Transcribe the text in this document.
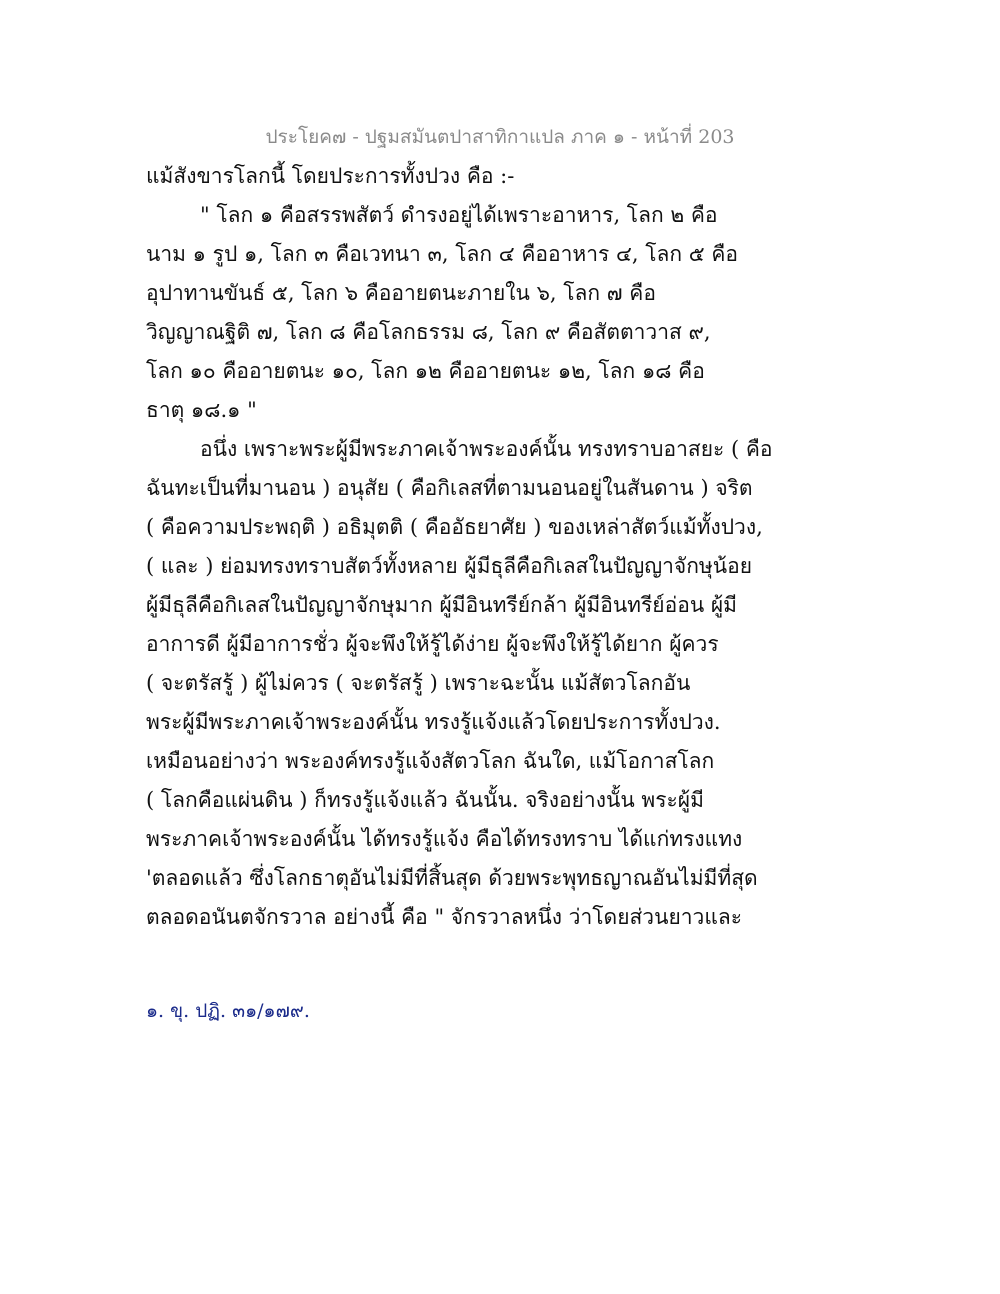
ประโยค๗ - ปฐมสมันตปาสาทิกาแปล ภาค ๑ - หน้าที่ 203
แม้สังขารโลกนี้ โดยประการทั้งปวง คือ :-
" โลก ๑ คือสรรพสัตว์ ดำรงอยู่ได้เพราะอาหาร, โลก ๒ คือ
นาม ๑ รูป ๑, โลก ๓ คือเวทนา ๓, โลก ๔ คืออาหาร ๔, โลก ๕ คือ
อุปาทานขันธ์ ๕, โลก ๖ คืออายตนะภายใน ๖, โลก ๗ คือ
วิญญาณฐิติ ๗, โลก ๘ คือโลกธรรม ๘, โลก ๙ คือสัตตาวาส ๙,
โลก ๑๐ คืออายตนะ ๑๐, โลก ๑๒ คืออายตนะ ๑๒, โลก ๑๘ คือ
ธาตุ ๑๘.๑ "
อนึ่ง เพราะพระผู้มีพระภาคเจ้าพระองค์นั้น ทรงทราบอาสยะ ( คือ
ฉันทะเป็นที่มานอน ) อนุสัย ( คือกิเลสที่ตามนอนอยู่ในสันดาน ) จริต
( คือความประพฤติ ) อธิมุตติ ( คืออัธยาศัย ) ของเหล่าสัตว์แม้ทั้งปวง,
( และ ) ย่อมทรงทราบสัตว์ทั้งหลาย ผู้มีธุลีคือกิเลสในปัญญาจักษุน้อย
ผู้มีธุลีคือกิเลสในปัญญาจักษุมาก ผู้มีอินทรีย์กล้า ผู้มีอินทรีย์อ่อน ผู้มี
อาการดี ผู้มีอาการชั่ว ผู้จะพึงให้รู้ได้ง่าย ผู้จะพึงให้รู้ได้ยาก ผู้ควร
( จะตรัสรู้ ) ผู้ไม่ควร ( จะตรัสรู้ ) เพราะฉะนั้น แม้สัตวโลกอัน
พระผู้มีพระภาคเจ้าพระองค์นั้น ทรงรู้แจ้งแล้วโดยประการทั้งปวง.
เหมือนอย่างว่า พระองค์ทรงรู้แจ้งสัตวโลก ฉันใด, แม้โอกาสโลก
( โลกคือแผ่นดิน ) ก็ทรงรู้แจ้งแล้ว ฉันนั้น. จริงอย่างนั้น พระผู้มี
พระภาคเจ้าพระองค์นั้น ได้ทรงรู้แจ้ง คือได้ทรงทราบ ได้แก่ทรงแทง
'ตลอดแล้ว ซึ่งโลกธาตุอันไม่มีที่สิ้นสุด ด้วยพระพุทธญาณอันไม่มีที่สุด
ตลอดอนันตจักรวาล อย่างนี้ คือ " จักรวาลหนึ่ง ว่าโดยส่วนยาวและ
๑. ขุ. ปฏิ. ๓๑/๑๗๙.
